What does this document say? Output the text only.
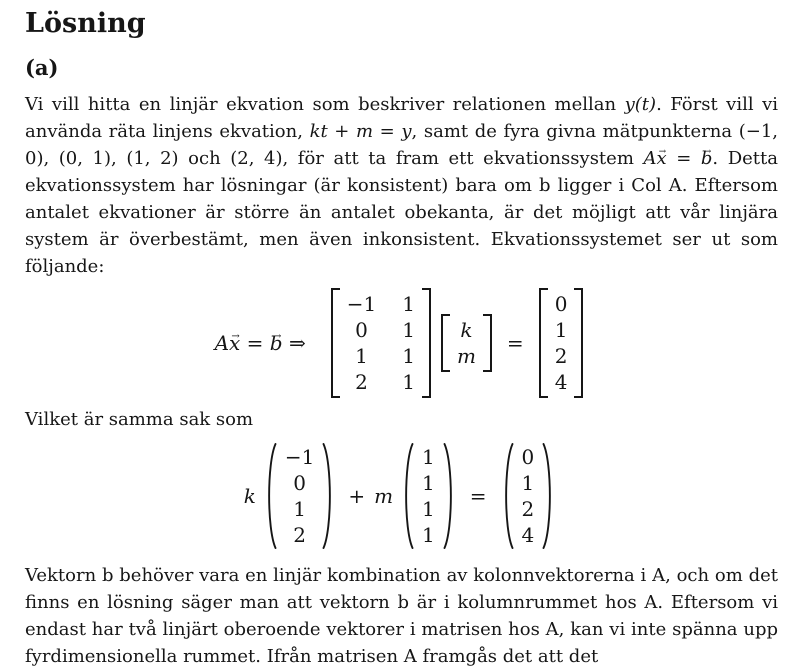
Lösning
(a)

Vi vill hitta en linjär ekvation som beskriver relationen mellan y(t). Först vill vi använda räta linjens ekvation, kt + m = y, samt de fyra givna mätpunkterna (−1, 0), (0, 1), (1, 2) och (2, 4), för att ta fram ett ekvationssystem Ax → = b →. Detta ekvationssystem har lösningar (är konsistent) bara om b ligger i Col A. Eftersom antalet ekvationer är större än antalet obekanta, är det möjligt att vår linjära system är överbestämt, men även inkonsistent. Ekvationssystemet ser ut som följande:

Ax → = b → ⇒
−1 1
0 1
1 1
2 1
k
m
=
0
1
2
4

Vilket är samma sak som

k
−1
0
1
2
+ m
1
1
1
1
=
0
1
2
4

Vektorn b behöver vara en linjär kombination av kolonnvektorerna i A, och om det finns en lösning säger man att vektorn b är i kolumnrummet hos A. Eftersom vi endast har två linjärt oberoende vektorer i matrisen hos A, kan vi inte spänna upp fyrdimensionella rummet. Ifrån matrisen A framgås det att det
